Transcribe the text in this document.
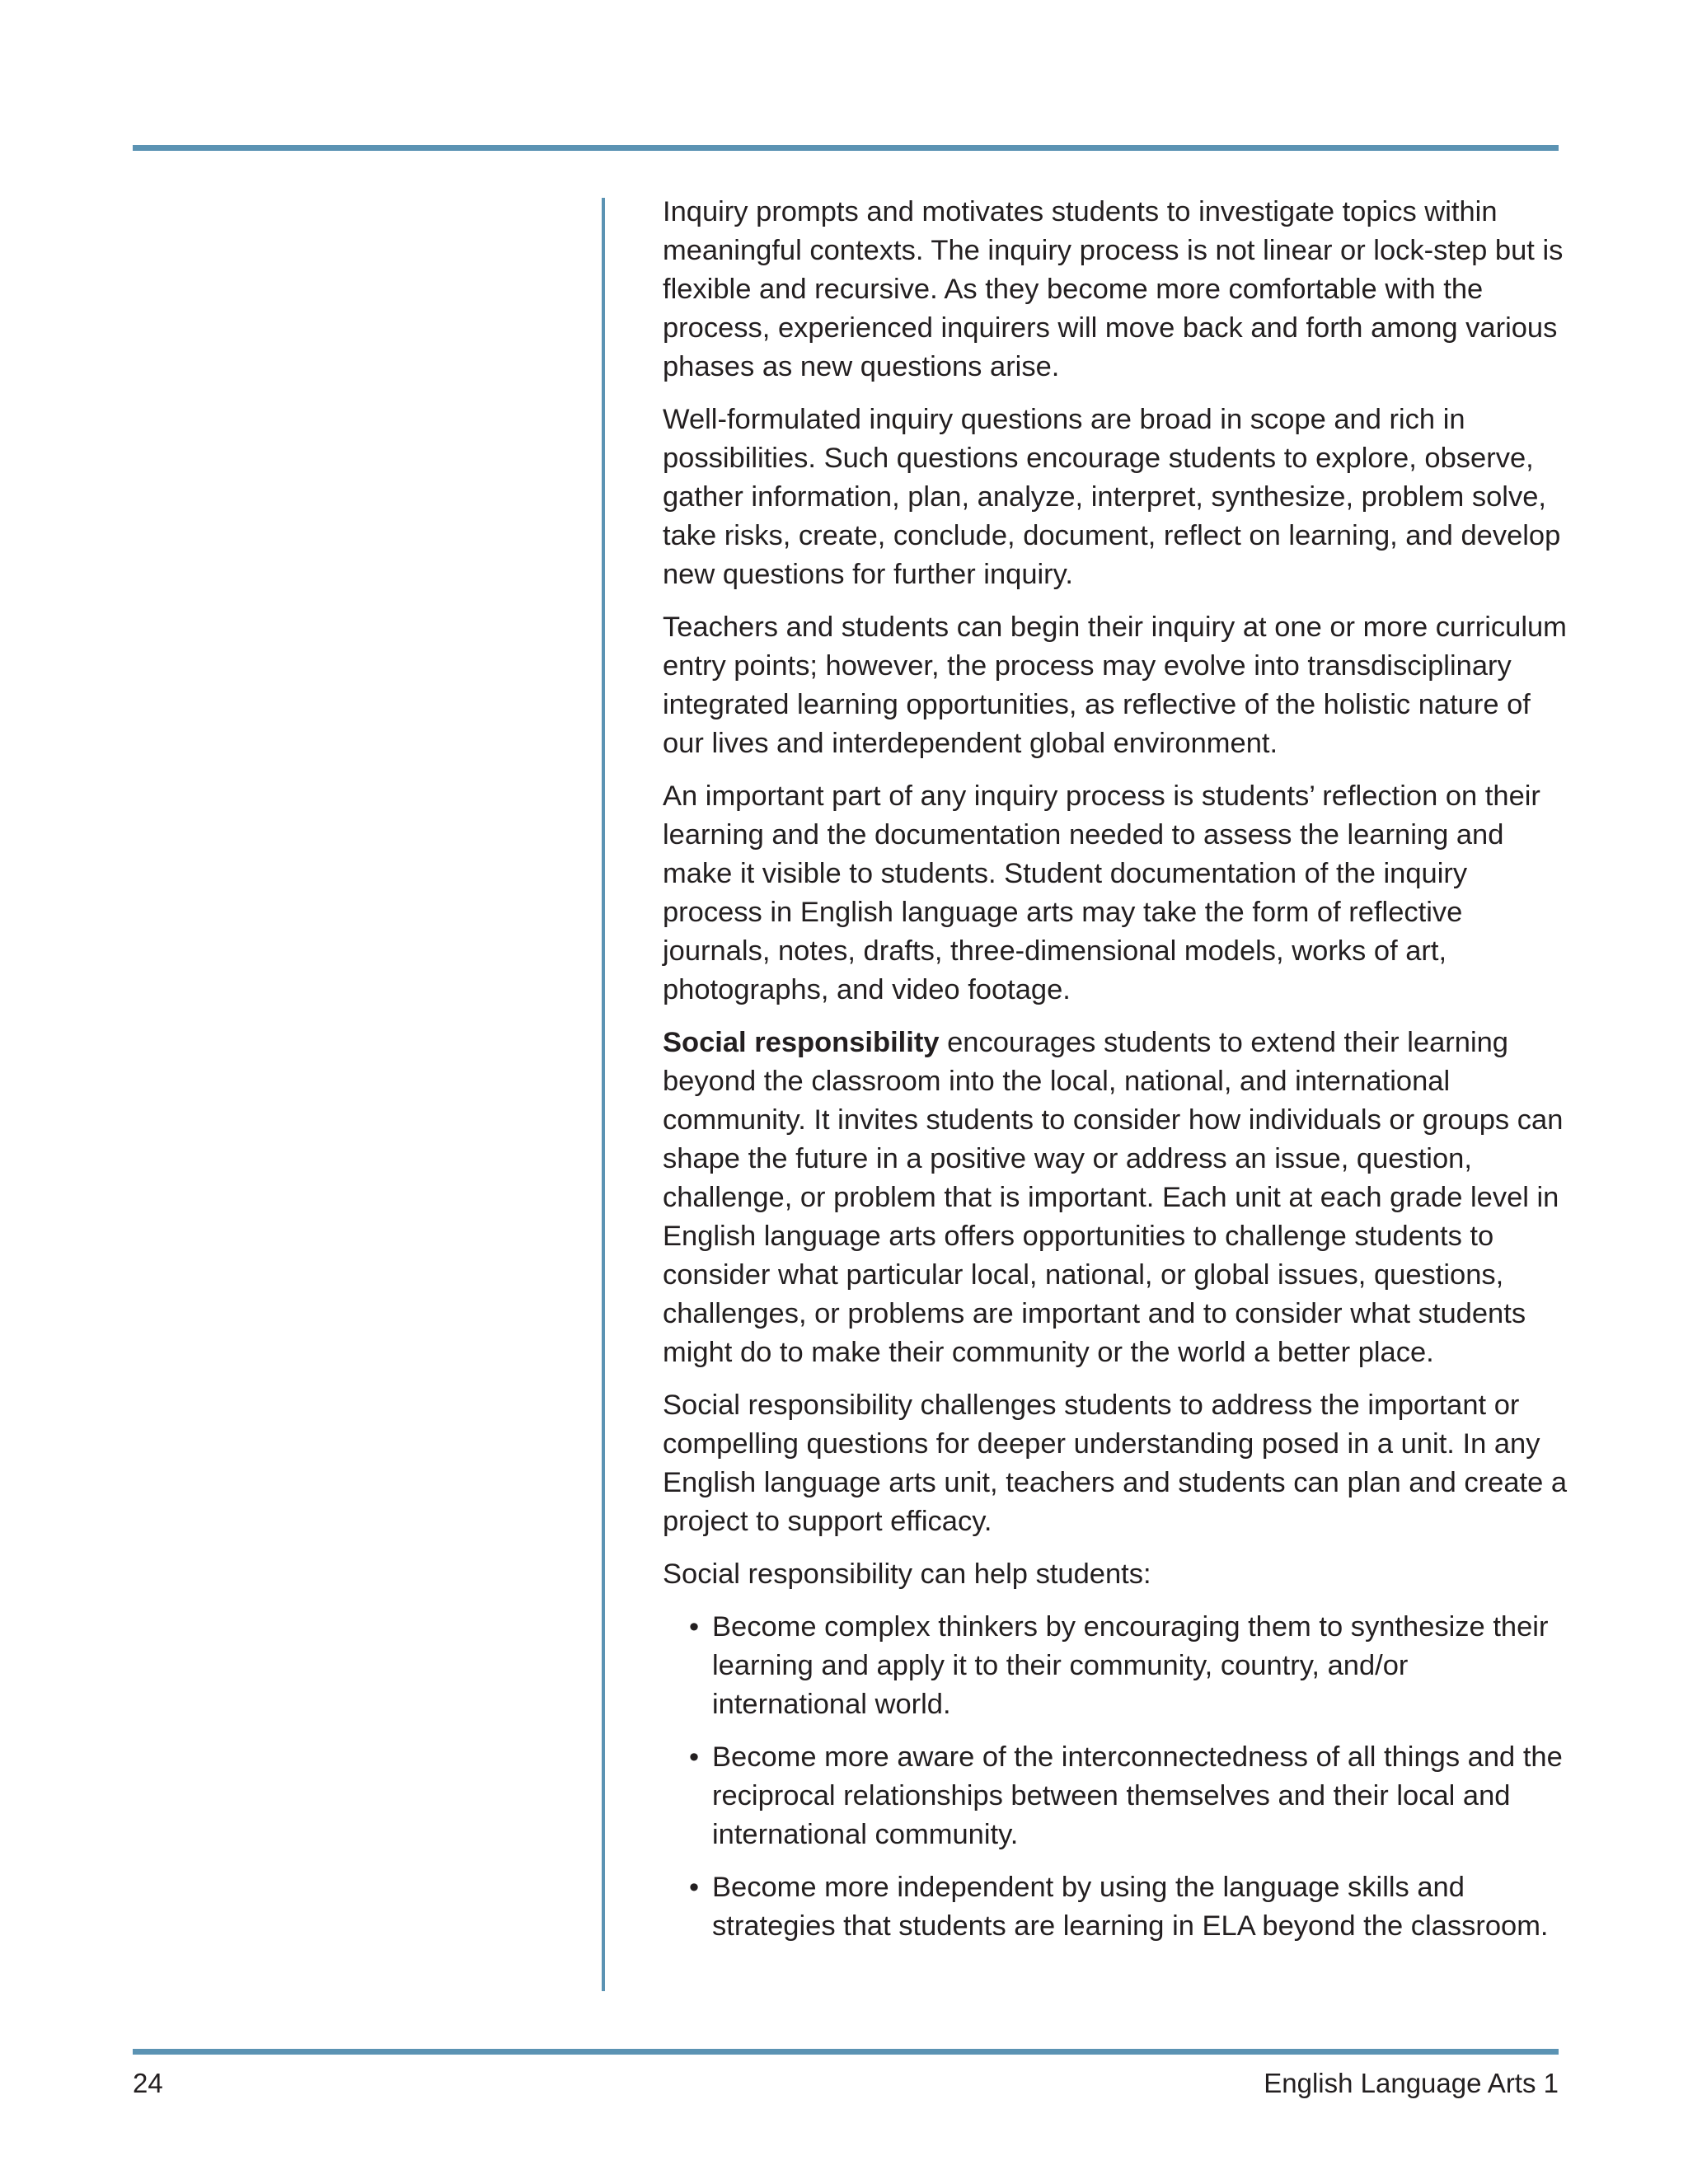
Inquiry prompts and motivates students to investigate topics within meaningful contexts. The inquiry process is not linear or lock-step but is flexible and recursive. As they become more comfortable with the process, experienced inquirers will move back and forth among various phases as new questions arise.

Well-formulated inquiry questions are broad in scope and rich in possibilities. Such questions encourage students to explore, observe, gather information, plan, analyze, interpret, synthesize, problem solve, take risks, create, conclude, document, reflect on learning, and develop new questions for further inquiry.

Teachers and students can begin their inquiry at one or more curriculum entry points; however, the process may evolve into transdisciplinary integrated learning opportunities, as reflective of the holistic nature of our lives and interdependent global environment.

An important part of any inquiry process is students’ reflection on their learning and the documentation needed to assess the learning and make it visible to students. Student documentation of the inquiry process in English language arts may take the form of reflective journals, notes, drafts, three-dimensional models, works of art, photographs, and video footage.

Social responsibility encourages students to extend their learning beyond the classroom into the local, national, and international community. It invites students to consider how individuals or groups can shape the future in a positive way or address an issue, question, challenge, or problem that is important. Each unit at each grade level in English language arts offers opportunities to challenge students to consider what particular local, national, or global issues, questions, challenges, or problems are important and to consider what students might do to make their community or the world a better place.

Social responsibility challenges students to address the important or compelling questions for deeper understanding posed in a unit. In any English language arts unit, teachers and students can plan and create a project to support efficacy.

Social responsibility can help students:

• Become complex thinkers by encouraging them to synthesize their learning and apply it to their community, country, and/or international world.
• Become more aware of the interconnectedness of all things and the reciprocal relationships between themselves and their local and international community.
• Become more independent by using the language skills and strategies that students are learning in ELA beyond the classroom.
24	English Language Arts 1
